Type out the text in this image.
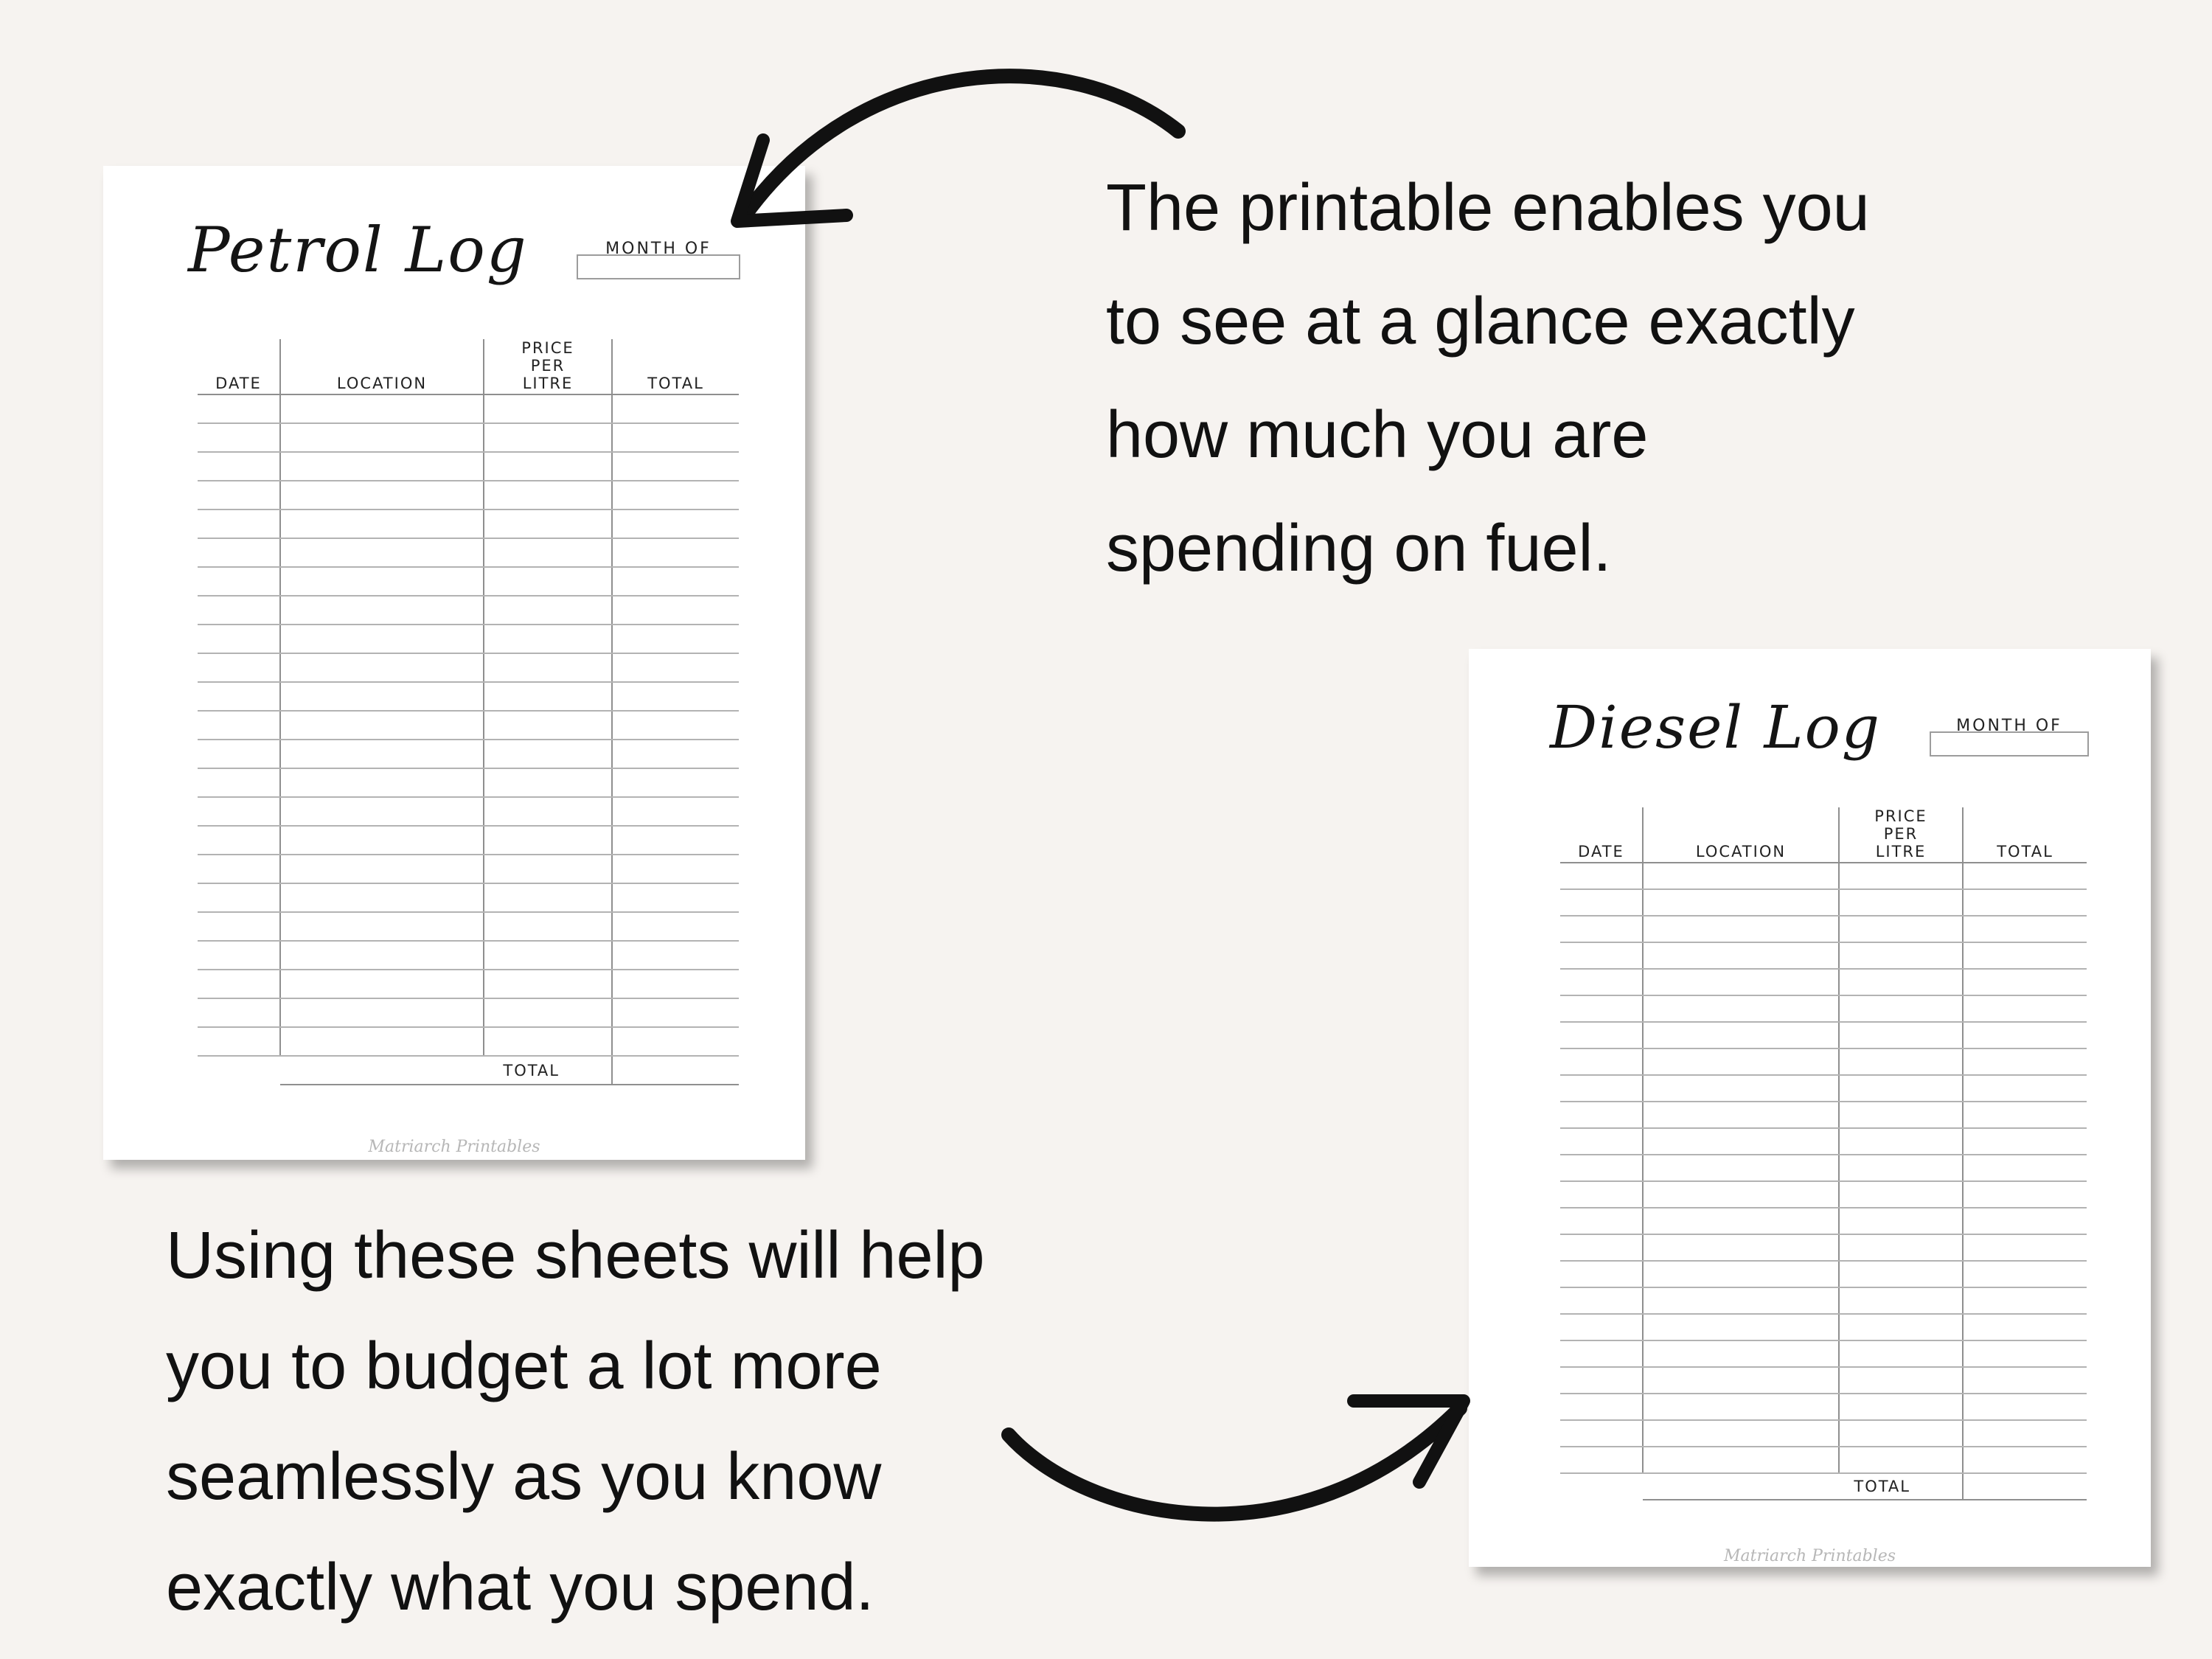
Petrol Log	MONTH OF
DATE	LOCATION	PRICE PER LITRE	TOTAL

	TOTAL		
Matriarch Printables
Diesel Log	MONTH OF
DATE	LOCATION	PRICE PER LITRE	TOTAL

	TOTAL		
Matriarch Printables

The printable enables you
to see at a glance exactly
how much you are
spending on fuel.

Using these sheets will help
you to budget a lot more
seamlessly as you know
exactly what you spend.
